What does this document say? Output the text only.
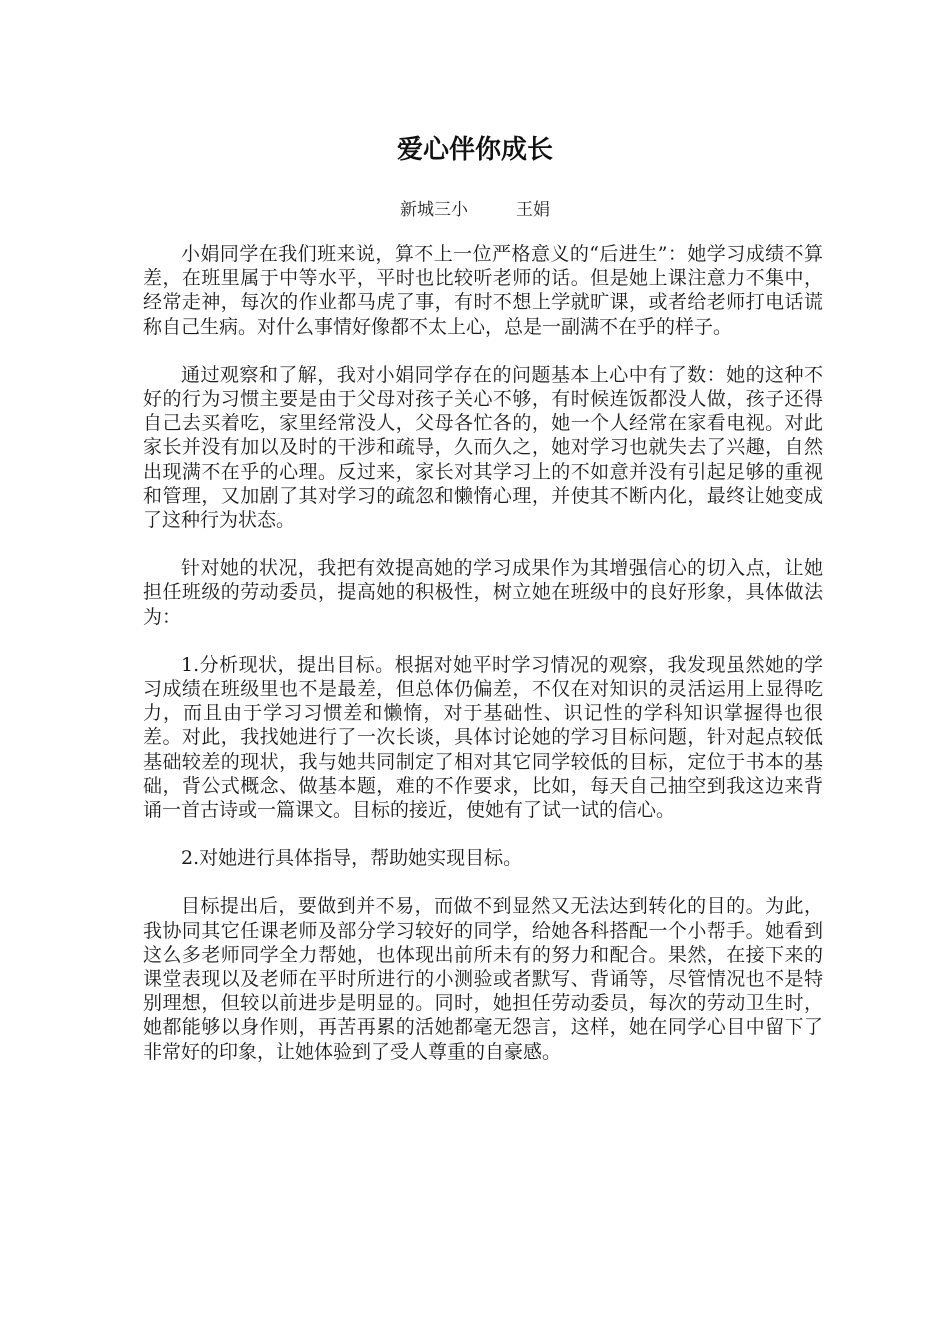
爱心伴你成长
新城三小	王娟

小娟同学在我们班来说，算不上一位严格意义的“后进生”：她学习成绩不算差，在班里属于中等水平，平时也比较听老师的话。但是她上课注意力不集中，经常走神，每次的作业都马虎了事，有时不想上学就旷课，或者给老师打电话谎称自己生病。对什么事情好像都不太上心，总是一副满不在乎的样子。

通过观察和了解，我对小娟同学存在的问题基本上心中有了数：她的这种不好的行为习惯主要是由于父母对孩子关心不够，有时候连饭都没人做，孩子还得自己去买着吃，家里经常没人，父母各忙各的，她一个人经常在家看电视。对此家长并没有加以及时的干涉和疏导，久而久之，她对学习也就失去了兴趣，自然出现满不在乎的心理。反过来，家长对其学习上的不如意并没有引起足够的重视和管理，又加剧了其对学习的疏忽和懒惰心理，并使其不断内化，最终让她变成了这种行为状态。

针对她的状况，我把有效提高她的学习成果作为其增强信心的切入点，让她担任班级的劳动委员，提高她的积极性，树立她在班级中的良好形象，具体做法为：

1.分析现状，提出目标。根据对她平时学习情况的观察，我发现虽然她的学习成绩在班级里也不是最差，但总体仍偏差，不仅在对知识的灵活运用上显得吃力，而且由于学习习惯差和懒惰，对于基础性、识记性的学科知识掌握得也很差。对此，我找她进行了一次长谈，具体讨论她的学习目标问题，针对起点较低基础较差的现状，我与她共同制定了相对其它同学较低的目标，定位于书本的基础，背公式概念、做基本题，难的不作要求，比如，每天自己抽空到我这边来背诵一首古诗或一篇课文。目标的接近，使她有了试一试的信心。

2.对她进行具体指导，帮助她实现目标。

目标提出后，要做到并不易，而做不到显然又无法达到转化的目的。为此，我协同其它任课老师及部分学习较好的同学，给她各科搭配一个小帮手。她看到这么多老师同学全力帮她，也体现出前所未有的努力和配合。果然，在接下来的课堂表现以及老师在平时所进行的小测验或者默写、背诵等，尽管情况也不是特别理想，但较以前进步是明显的。同时，她担任劳动委员，每次的劳动卫生时，她都能够以身作则，再苦再累的活她都毫无怨言，这样，她在同学心目中留下了非常好的印象，让她体验到了受人尊重的自豪感。
